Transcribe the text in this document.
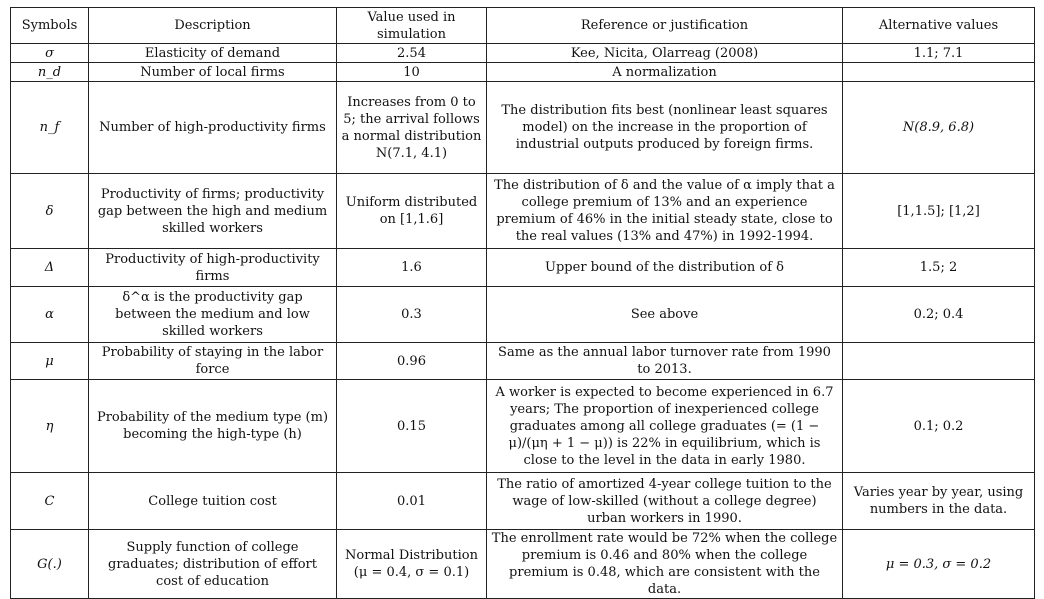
Symbols	Description	Value used in simulation	Reference or justification	Alternative values
σ	Elasticity of demand	2.54	Kee, Nicita, Olarreag (2008)	1.1; 7.1
n_d	Number of local firms	10	A normalization	
n_f	Number of high-productivity firms	Increases from 0 to 5; the arrival follows a normal distribution N(7.1, 4.1)	The distribution fits best (nonlinear least squares model) on the increase in the proportion of industrial outputs produced by foreign firms.	N(8.9, 6.8)
δ	Productivity of firms; productivity gap between the high and medium skilled workers	Uniform distributed on [1,1.6]	The distribution of δ and the value of α imply that a college premium of 13% and an experience premium of 46% in the initial steady state, close to the real values (13% and 47%) in 1992-1994.	[1,1.5]; [1,2]
Δ	Productivity of high-productivity firms	1.6	Upper bound of the distribution of δ	1.5; 2
α	δ^α is the productivity gap between the medium and low skilled workers	0.3	See above	0.2; 0.4
μ	Probability of staying in the labor force	0.96	Same as the annual labor turnover rate from 1990 to 2013.	
η	Probability of the medium type (m) becoming the high-type (h)	0.15	A worker is expected to become experienced in 6.7 years; The proportion of inexperienced college graduates among all college graduates (= (1 − μ)/(μη + 1 − μ)) is 22% in equilibrium, which is close to the level in the data in early 1980.	0.1; 0.2
C	College tuition cost	0.01	The ratio of amortized 4-year college tuition to the wage of low-skilled (without a college degree) urban workers in 1990.	Varies year by year, using numbers in the data.
G(.)	Supply function of college graduates; distribution of effort cost of education	Normal Distribution (μ = 0.4, σ = 0.1)	The enrollment rate would be 72% when the college premium is 0.46 and 80% when the college premium is 0.48, which are consistent with the data.	μ = 0.3, σ = 0.2
